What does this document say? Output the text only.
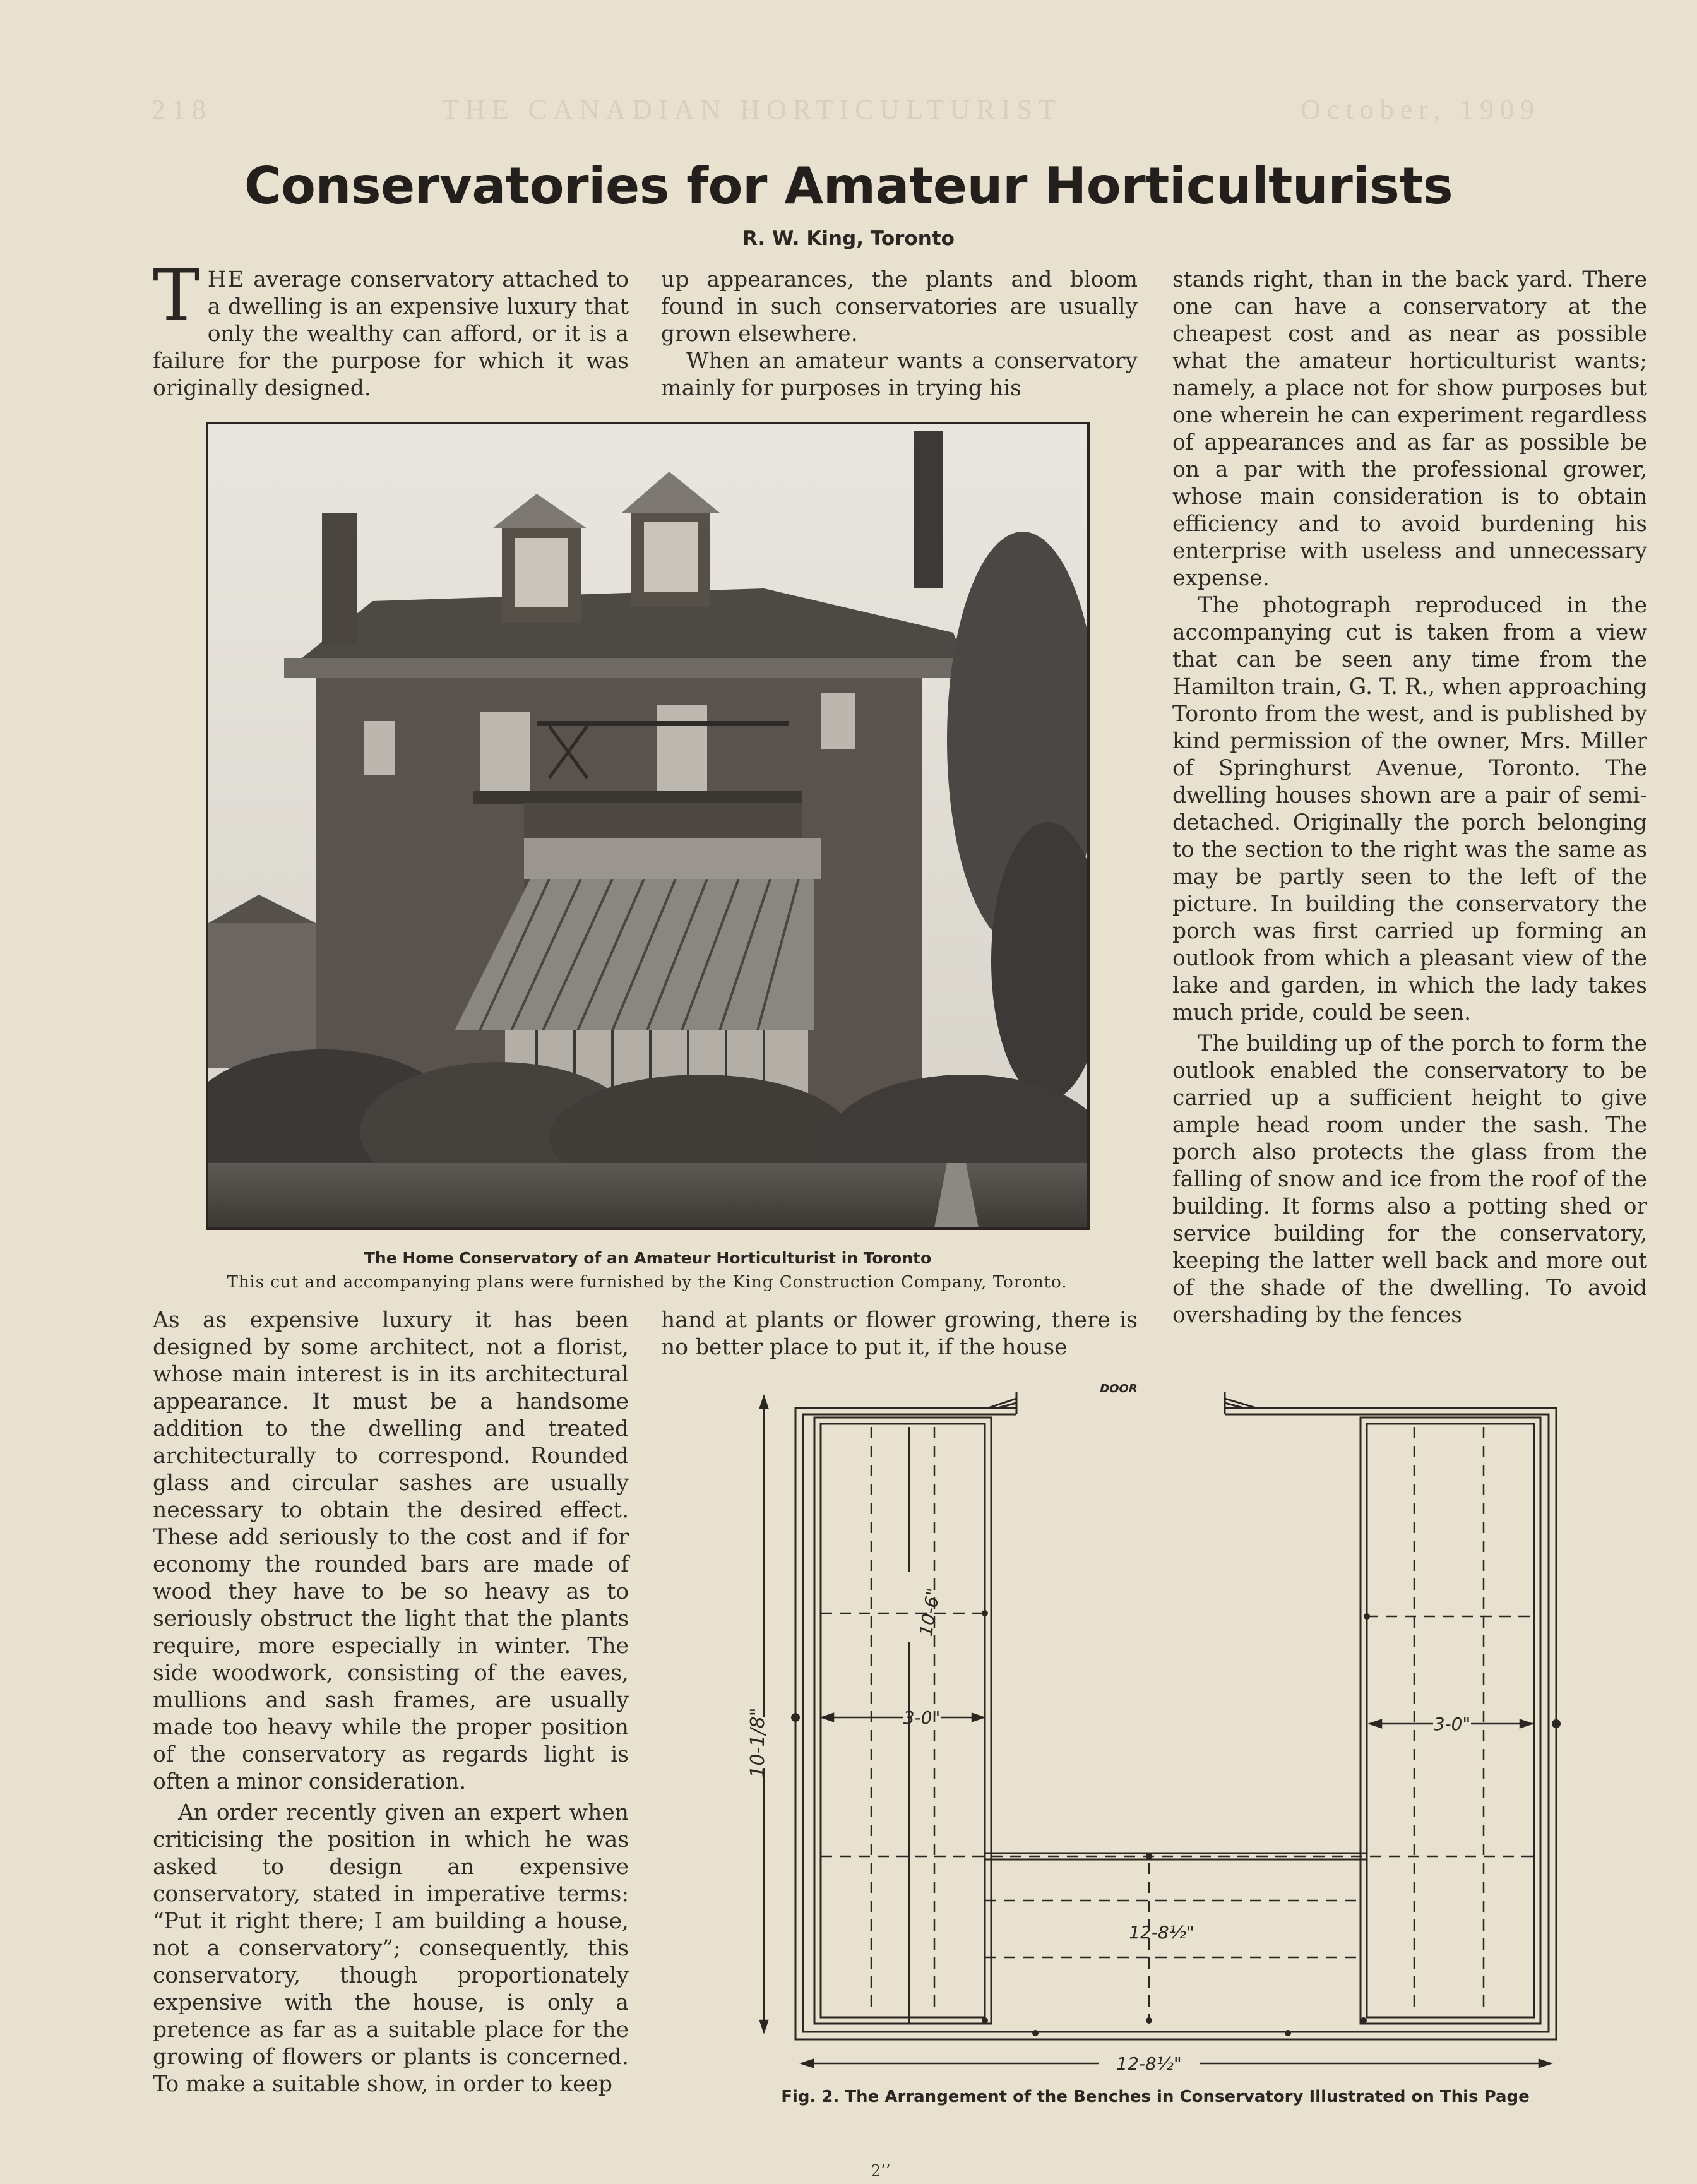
218	THE CANADIAN HORTICULTURIST	October, 1909
Conservatories for Amateur Horticulturists
R. W. King, Toronto

THE average conservatory attached to a dwelling is an expensive luxury that only the wealthy can afford, or it is a failure for the purpose for which it was originally designed.

up appearances, the plants and bloom found in such conservatories are usually grown elsewhere.

When an amateur wants a conservatory mainly for purposes in trying his

stands right, than in the back yard. There one can have a conservatory at the cheapest cost and as near as possible what the amateur horticulturist wants; namely, a place not for show purposes but one wherein he can experiment regardless of appearances and as far as possible be on a par with the professional grower, whose main consideration is to obtain efficiency and to avoid burdening his enterprise with useless and unnecessary expense.

The photograph reproduced in the accompanying cut is taken from a view that can be seen any time from the Hamilton train, G. T. R., when approaching Toronto from the west, and is published by kind permission of the owner, Mrs. Miller of Springhurst Avenue, Toronto. The dwelling houses shown are a pair of semi-detached. Originally the porch belonging to the section to the right was the same as may be partly seen to the left of the picture. In building the conservatory the porch was first carried up forming an outlook from which a pleasant view of the lake and garden, in which the lady takes much pride, could be seen.

The building up of the porch to form the outlook enabled the conservatory to be carried up a sufficient height to give ample head room under the sash. The porch also protects the glass from the falling of snow and ice from the roof of the building. It forms also a potting shed or service building for the conservatory, keeping the latter well back and more out of the shade of the dwelling. To avoid overshading by the fences

The Home Conservatory of an Amateur Horticulturist in Toronto
This cut and accompanying plans were furnished by the King Construction Company, Toronto.

As as expensive luxury it has been designed by some architect, not a florist, whose main interest is in its architectural appearance. It must be a handsome addition to the dwelling and treated architecturally to correspond. Rounded glass and circular sashes are usually necessary to obtain the desired effect. These add seriously to the cost and if for economy the rounded bars are made of wood they have to be so heavy as to seriously obstruct the light that the plants require, more especially in winter. The side woodwork, consisting of the eaves, mullions and sash frames, are usually made too heavy while the proper position of the conservatory as regards light is often a minor consideration.

An order recently given an expert when criticising the position in which he was asked to design an expensive conservatory, stated in imperative terms: “Put it right there; I am building a house, not a conservatory”; consequently, this conservatory, though proportionately expensive with the house, is only a pretence as far as a suitable place for the growing of flowers or plants is concerned. To make a suitable show, in order to keep

hand at plants or flower growing, there is no better place to put it, if the house

DOOR
10-1/8"
10-6"
3-0"	3-0"
12-8½"
12-8½"
Fig. 2. The Arrangement of the Benches in Conservatory Illustrated on This Page
2’’
